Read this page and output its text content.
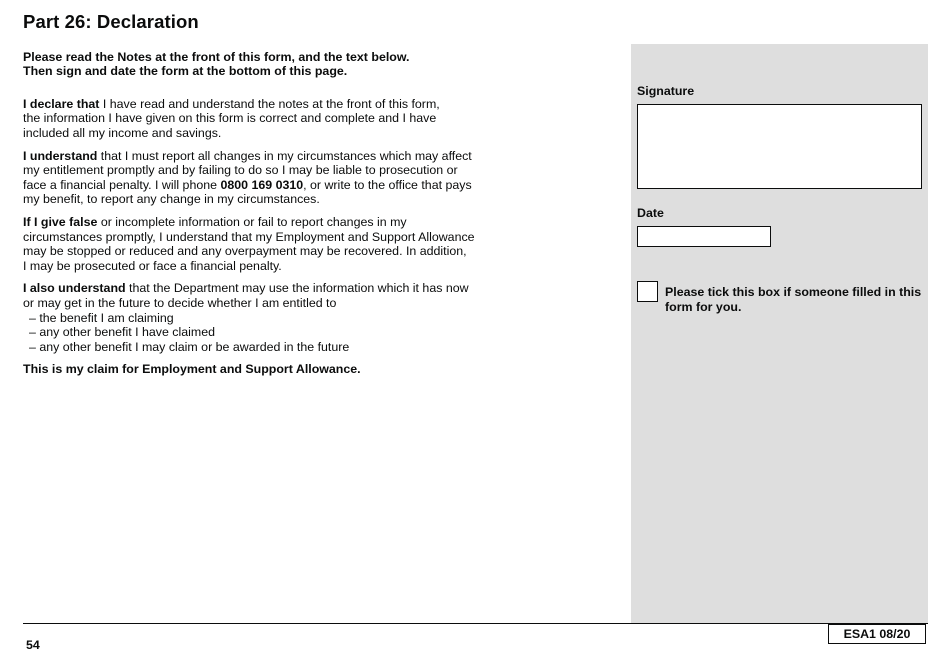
Part 26: Declaration
Please read the Notes at the front of this form, and the text below.
Then sign and date the form at the bottom of this page.
I declare that I have read and understand the notes at the front of this form,
the information I have given on this form is correct and complete and I have
included all my income and savings.
I understand that I must report all changes in my circumstances which may affect
my entitlement promptly and by failing to do so I may be liable to prosecution or
face a financial penalty. I will phone 0800 169 0310, or write to the office that pays
my benefit, to report any change in my circumstances.
If I give false or incomplete information or fail to report changes in my
circumstances promptly, I understand that my Employment and Support Allowance
may be stopped or reduced and any overpayment may be recovered. In addition,
I may be prosecuted or face a financial penalty.
I also understand that the Department may use the information which it has now
or may get in the future to decide whether I am entitled to
– the benefit I am claiming
– any other benefit I have claimed
– any other benefit I may claim or be awarded in the future
This is my claim for Employment and Support Allowance.
Signature
Date
Please tick this box if someone filled in this form for you.
54
ESA1 08/20
